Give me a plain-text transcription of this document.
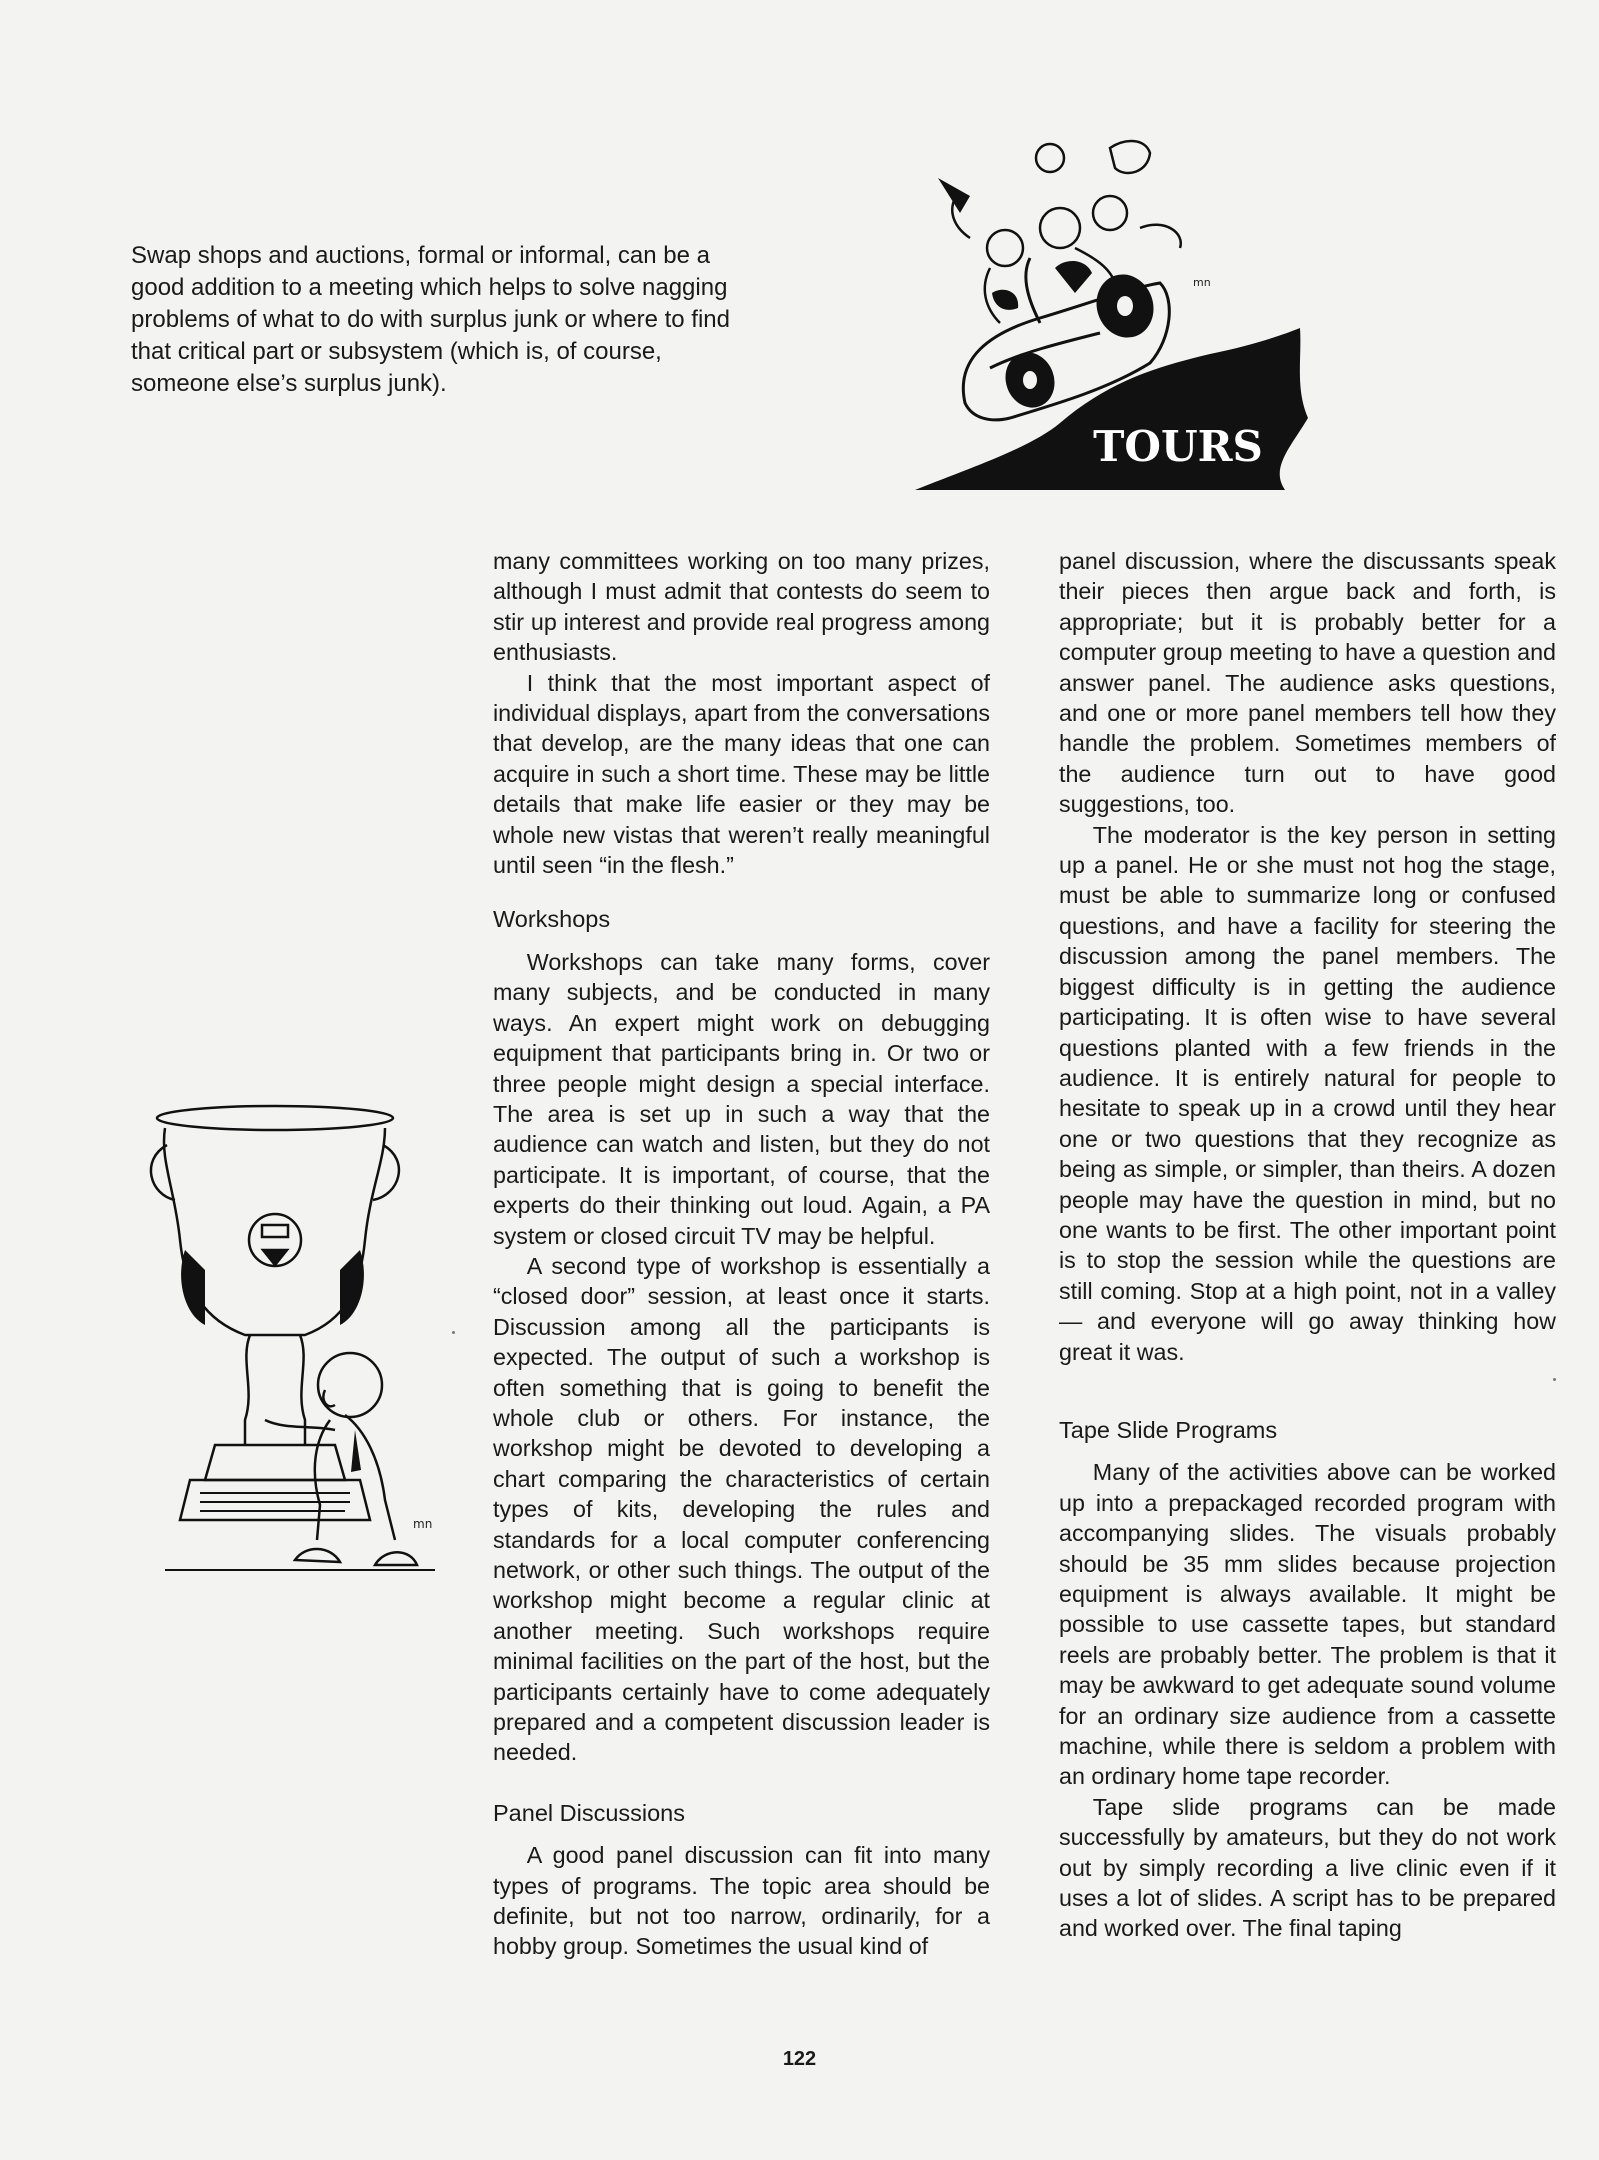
Swap shops and auctions, formal or informal, can be a good addition to a meeting which helps to solve nagging problems of what to do with surplus junk or where to find that critical part or subsystem (which is, of course, someone else’s surplus junk).
TOURS
mn
mn

many committees working on too many prizes, although I must admit that contests do seem to stir up interest and provide real progress among enthusiasts.

I think that the most important aspect of individual displays, apart from the conversations that develop, are the many ideas that one can acquire in such a short time. These may be little details that make life easier or they may be whole new vistas that weren’t really meaningful until seen “in the flesh.”

Workshops

Workshops can take many forms, cover many subjects, and be conducted in many ways. An expert might work on debugging equipment that participants bring in. Or two or three people might design a special interface. The area is set up in such a way that the audience can watch and listen, but they do not participate. It is important, of course, that the experts do their thinking out loud. Again, a PA system or closed circuit TV may be helpful.

A second type of workshop is essentially a “closed door” session, at least once it starts. Discussion among all the participants is expected. The output of such a workshop is often something that is going to benefit the whole club or others. For instance, the workshop might be devoted to developing a chart comparing the characteristics of certain types of kits, developing the rules and standards for a local computer conferencing network, or other such things. The output of the workshop might become a regular clinic at another meeting. Such workshops require minimal facilities on the part of the host, but the participants certainly have to come adequately prepared and a competent discussion leader is needed.

Panel Discussions

A good panel discussion can fit into many types of programs. The topic area should be definite, but not too narrow, ordinarily, for a hobby group. Sometimes the usual kind of

panel discussion, where the discussants speak their pieces then argue back and forth, is appropriate; but it is probably better for a computer group meeting to have a question and answer panel. The audience asks questions, and one or more panel members tell how they handle the problem. Sometimes members of the audience turn out to have good suggestions, too.

The moderator is the key person in setting up a panel. He or she must not hog the stage, must be able to summarize long or confused questions, and have a facility for steering the discussion among the panel members. The biggest difficulty is in getting the audience participating. It is often wise to have several questions planted with a few friends in the audience. It is entirely natural for people to hesitate to speak up in a crowd until they hear one or two questions that they recognize as being as simple, or simpler, than theirs. A dozen people may have the question in mind, but no one wants to be first. The other important point is to stop the session while the questions are still coming. Stop at a high point, not in a valley — and everyone will go away thinking how great it was.

Tape Slide Programs

Many of the activities above can be worked up into a prepackaged recorded program with accompanying slides. The visuals probably should be 35 mm slides because projection equipment is always available. It might be possible to use cassette tapes, but standard reels are probably better. The problem is that it may be awkward to get adequate sound volume for an ordinary size audience from a cassette machine, while there is seldom a problem with an ordinary home tape recorder.

Tape slide programs can be made successfully by amateurs, but they do not work out by simply recording a live clinic even if it uses a lot of slides. A script has to be prepared and worked over. The final taping

122
